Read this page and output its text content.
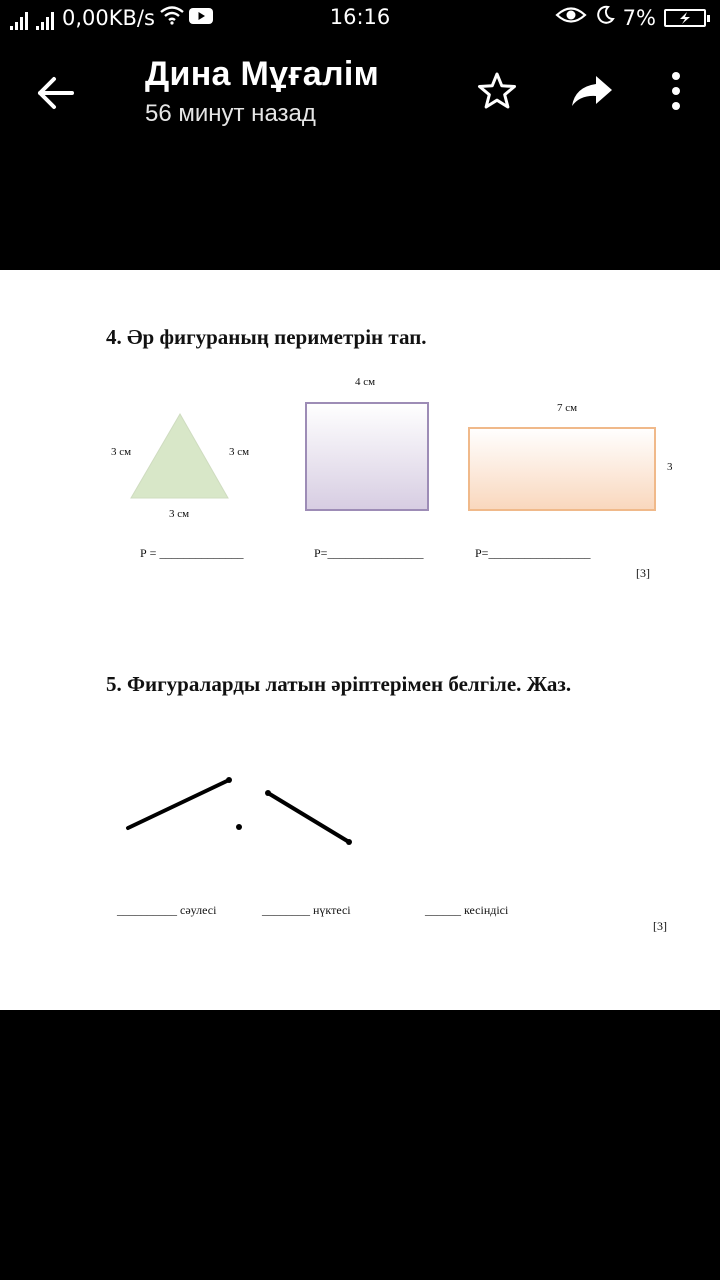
0,00KB/s	16:16	7%
Дина Мұғалім
56 минут назад
4. Әр фигураның периметрін тап.
3 см	3 см
3 см
4 см
7 см
3
Р = ______________	Р=________________	Р=_________________
[3]
5. Фигураларды латын әріптерімен белгіле. Жаз.
__________ сәулесі	________ нүктесі	______ кесіндісі
[3]
